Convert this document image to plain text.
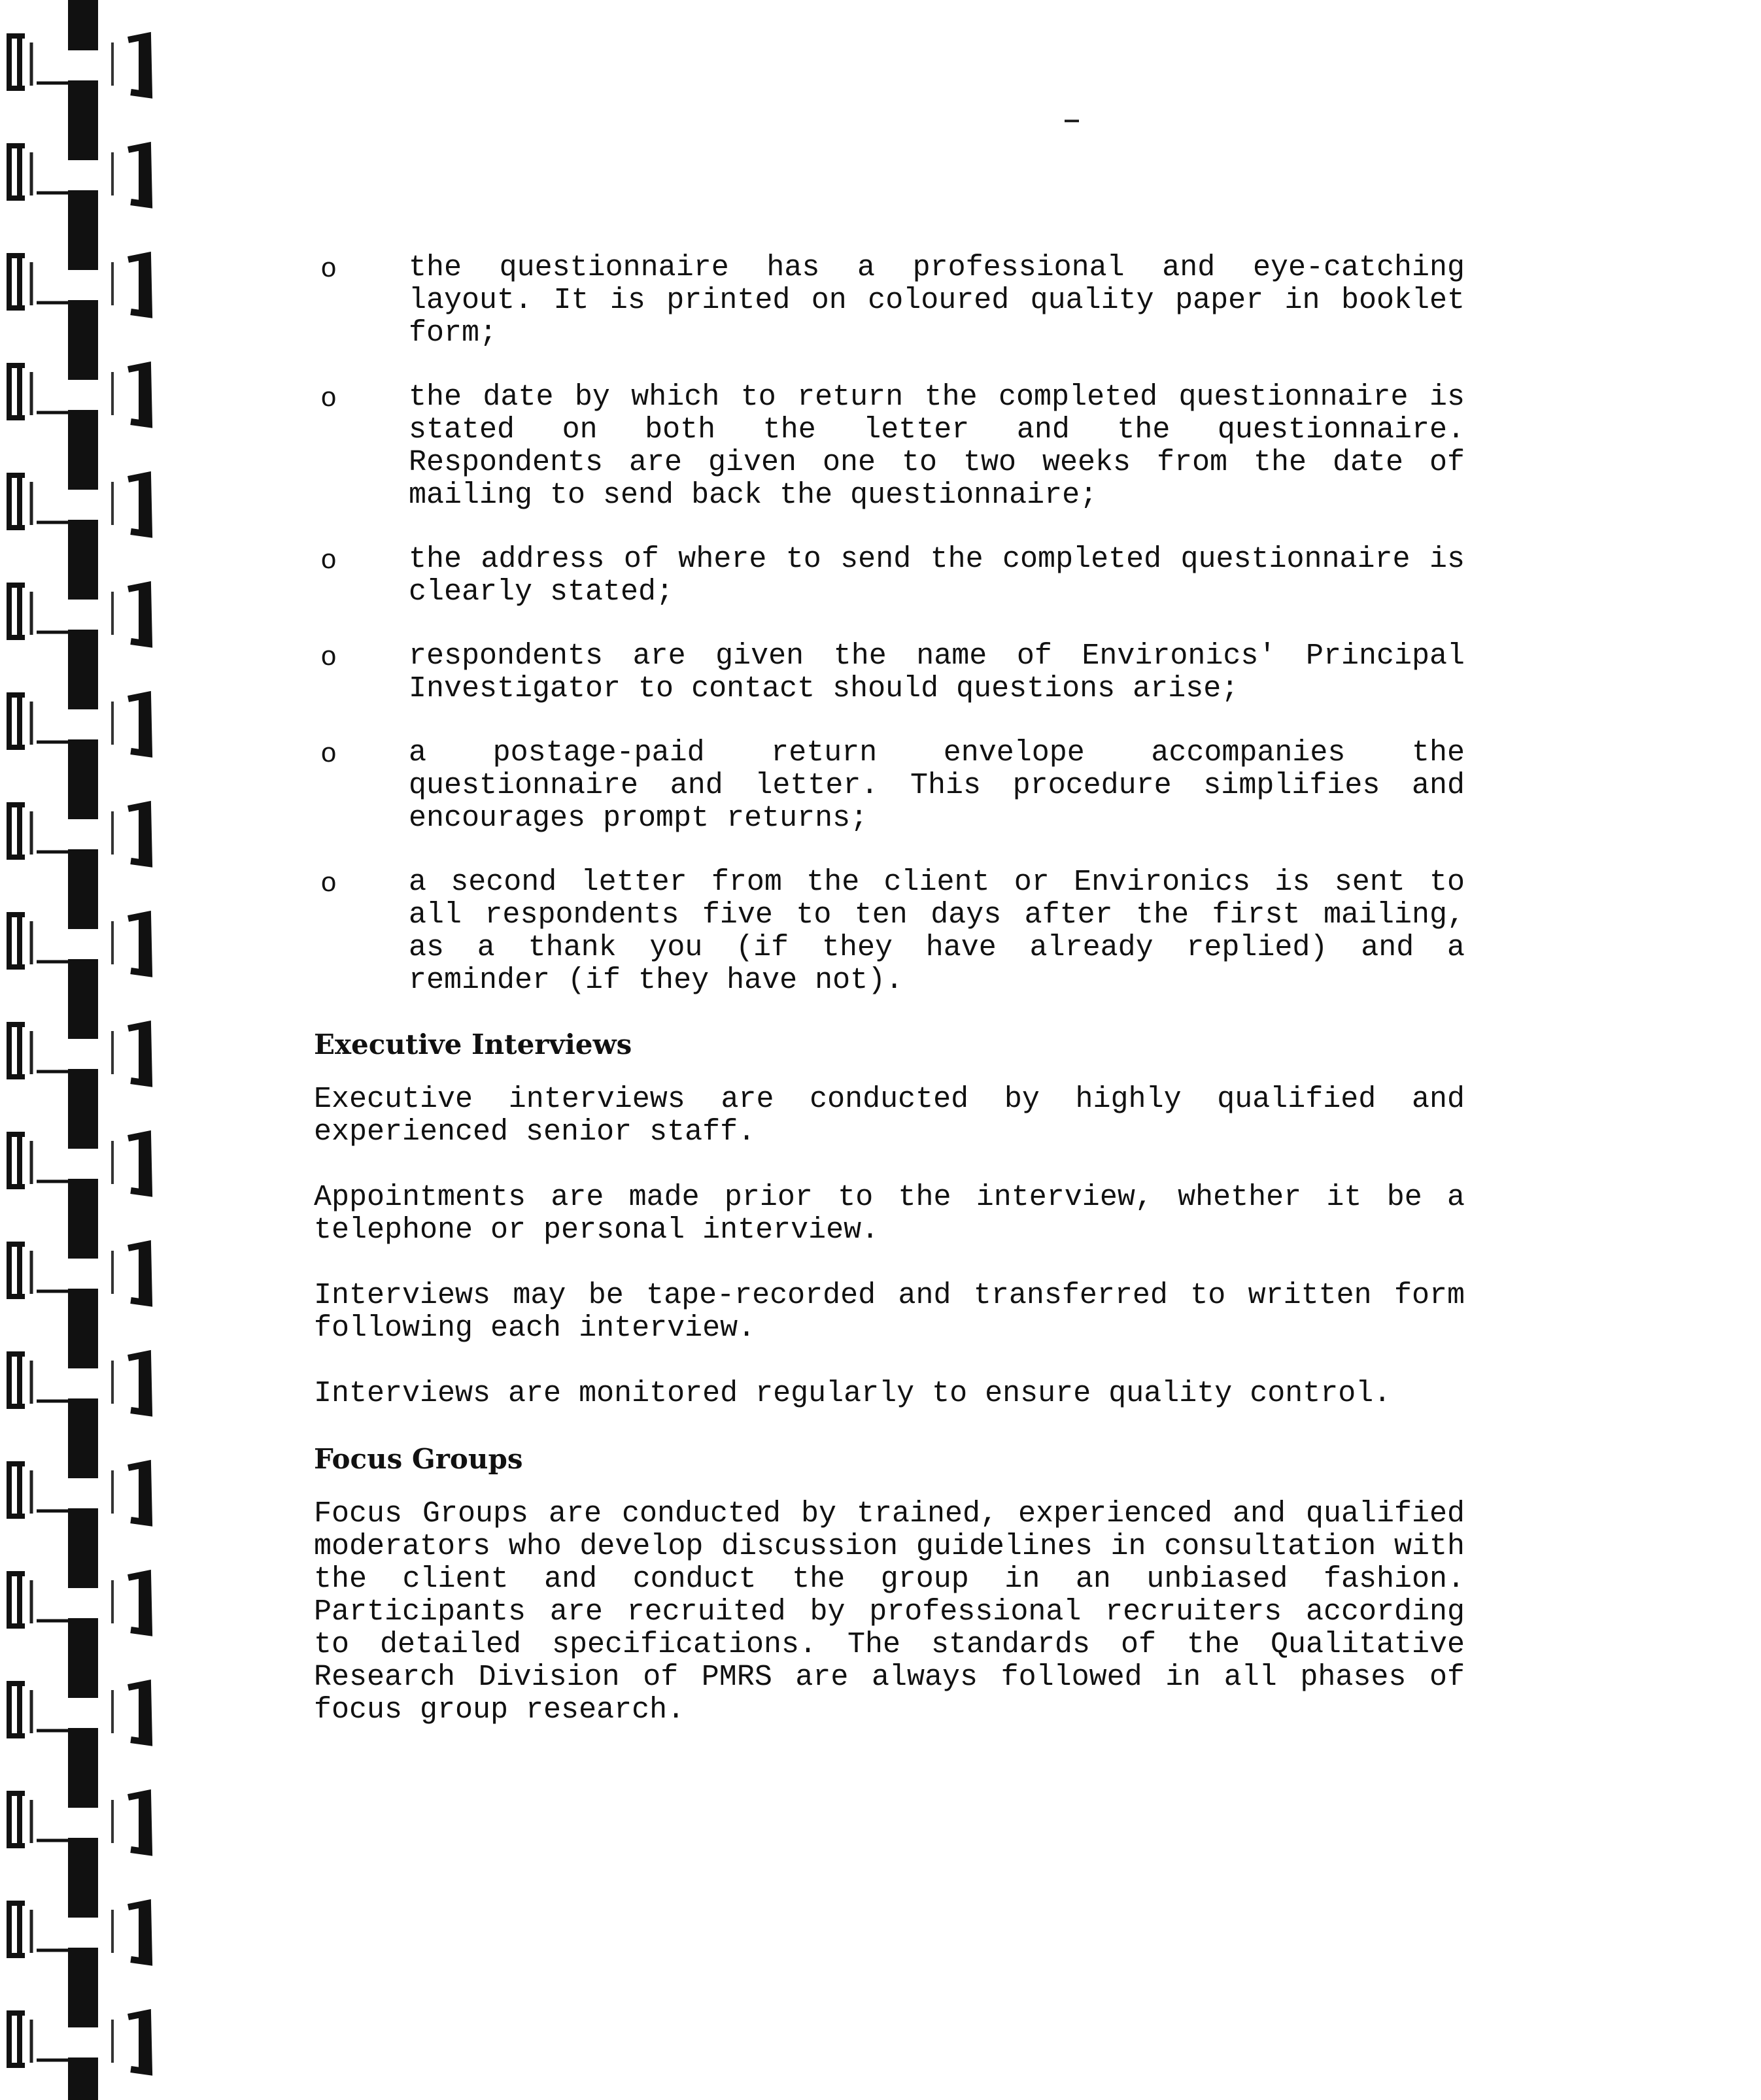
o the questionnaire has a professional and eye-catching layout. It is printed on coloured quality paper in booklet form;
o the date by which to return the completed questionnaire is stated on both the letter and the questionnaire. Respondents are given one to two weeks from the date of mailing to send back the questionnaire;
o the address of where to send the completed questionnaire is clearly stated;
o respondents are given the name of Environics' Principal Investigator to contact should questions arise;
o a postage-paid return envelope accompanies the questionnaire and letter. This procedure simplifies and encourages prompt returns;
o a second letter from the client or Environics is sent to all respondents five to ten days after the first mailing, as a thank you (if they have already replied) and a reminder (if they have not).
Executive Interviews

Executive interviews are conducted by highly qualified and experienced senior staff.

Appointments are made prior to the interview, whether it be a telephone or personal interview.

Interviews may be tape-recorded and transferred to written form following each interview.

Interviews are monitored regularly to ensure quality control.

Focus Groups

Focus Groups are conducted by trained, experienced and qualified moderators who develop discussion guidelines in consultation with the client and conduct the group in an unbiased fashion. Participants are recruited by professional recruiters according to detailed specifications. The standards of the Qualitative Research Division of PMRS are always followed in all phases of focus group research.
